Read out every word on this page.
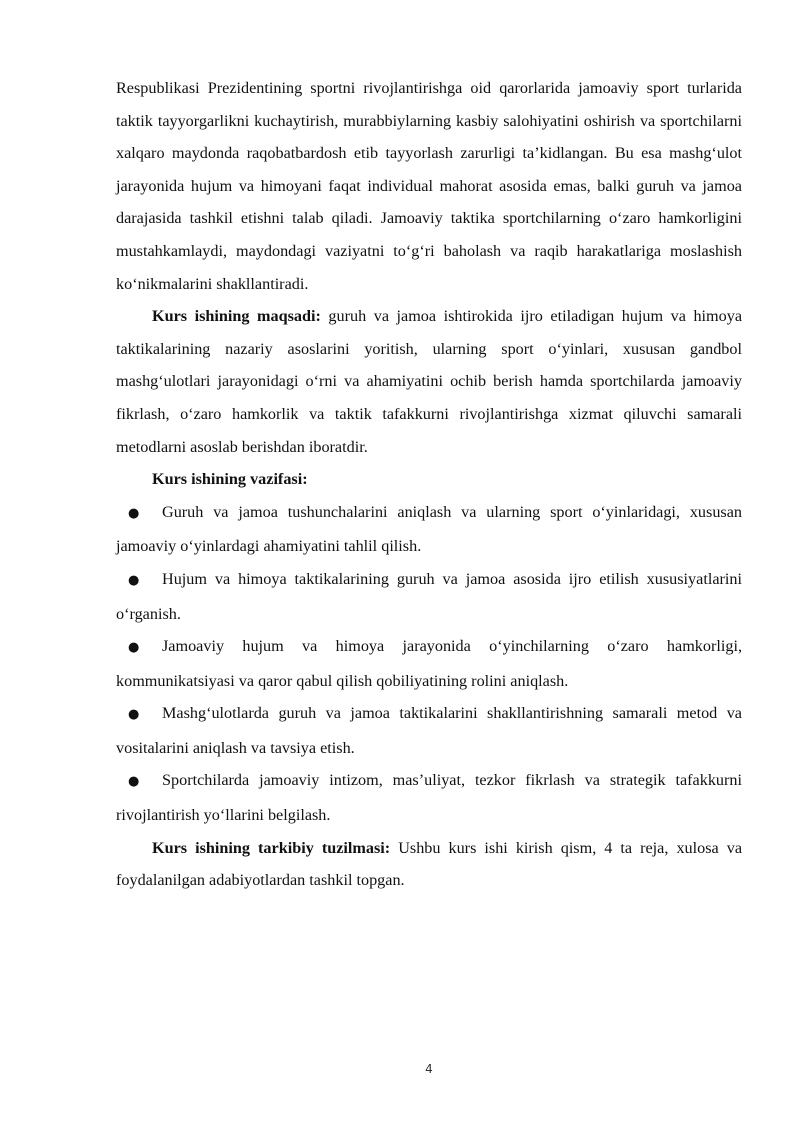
Respublikasi Prezidentining sportni rivojlantirishga oid qarorlarida jamoaviy sport turlarida taktik tayyorgarlikni kuchaytirish, murabbiylarning kasbiy salohiyatini oshirish va sportchilarni xalqaro maydonda raqobatbardosh etib tayyorlash zarurligi ta’kidlangan. Bu esa mashg‘ulot jarayonida hujum va himoyani faqat individual mahorat asosida emas, balki guruh va jamoa darajasida tashkil etishni talab qiladi. Jamoaviy taktika sportchilarning o‘zaro hamkorligini mustahkamlaydi, maydondagi vaziyatni to‘g‘ri baholash va raqib harakatlariga moslashish ko‘nikmalarini shakllantiradi.

Kurs ishining maqsadi: guruh va jamoa ishtirokida ijro etiladigan hujum va himoya taktikalarining nazariy asoslarini yoritish, ularning sport o‘yinlari, xususan gandbol mashg‘ulotlari jarayonidagi o‘rni va ahamiyatini ochib berish hamda sportchilarda jamoaviy fikrlash, o‘zaro hamkorlik va taktik tafakkurni rivojlantirishga xizmat qiluvchi samarali metodlarni asoslab berishdan iboratdir.

Kurs ishining vazifasi:

● Guruh va jamoa tushunchalarini aniqlash va ularning sport o‘yinlaridagi, xususan jamoaviy o‘yinlardagi ahamiyatini tahlil qilish.

● Hujum va himoya taktikalarining guruh va jamoa asosida ijro etilish xususiyatlarini o‘rganish.

● Jamoaviy hujum va himoya jarayonida o‘yinchilarning o‘zaro hamkorligi, kommunikatsiyasi va qaror qabul qilish qobiliyatining rolini aniqlash.

● Mashg‘ulotlarda guruh va jamoa taktikalarini shakllantirishning samarali metod va vositalarini aniqlash va tavsiya etish.

● Sportchilarda jamoaviy intizom, mas’uliyat, tezkor fikrlash va strategik tafakkurni rivojlantirish yo‘llarini belgilash.

Kurs ishining tarkibiy tuzilmasi: Ushbu kurs ishi kirish qism, 4 ta reja, xulosa va foydalanilgan adabiyotlardan tashkil topgan.

4
